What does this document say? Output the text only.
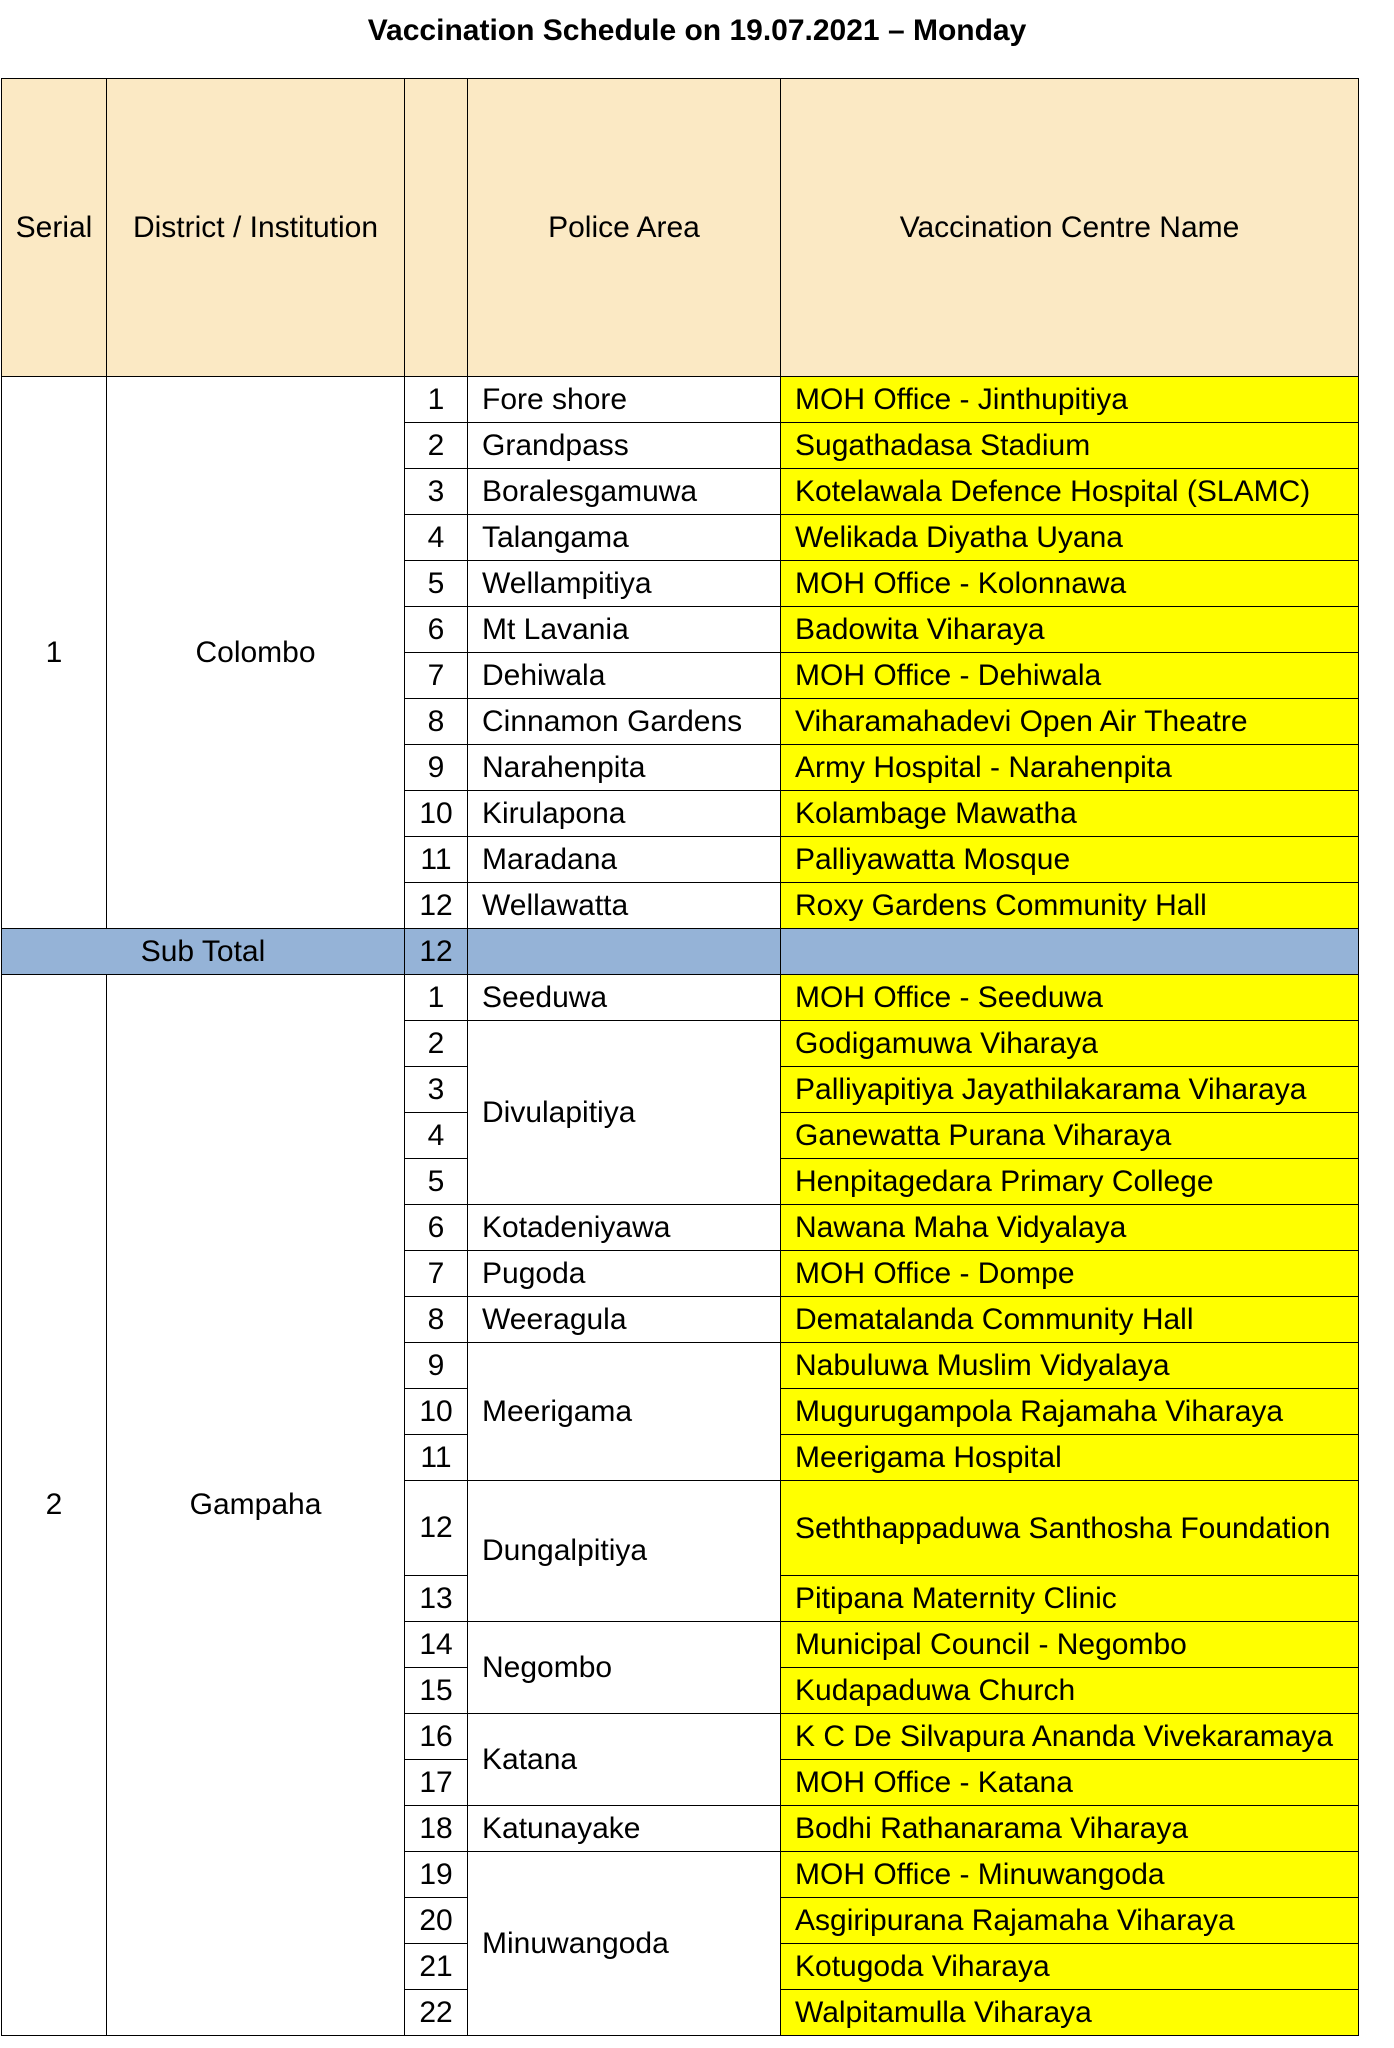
Vaccination Schedule on 19.07.2021 – Monday
Serial	District / Institution		Police Area	Vaccination Centre Name
1	Colombo	1	Fore shore	MOH Office - Jinthupitiya
		2	Grandpass	Sugathadasa Stadium
		3	Boralesgamuwa	Kotelawala Defence Hospital (SLAMC)
		4	Talangama	Welikada Diyatha Uyana
		5	Wellampitiya	MOH Office - Kolonnawa
		6	Mt Lavania	Badowita Viharaya
		7	Dehiwala	MOH Office - Dehiwala
		8	Cinnamon Gardens	Viharamahadevi Open Air Theatre
		9	Narahenpita	Army Hospital - Narahenpita
		10	Kirulapona	Kolambage Mawatha
		11	Maradana	Palliyawatta Mosque
		12	Wellawatta	Roxy Gardens Community Hall
Sub Total		12		
2	Gampaha	1	Seeduwa	MOH Office - Seeduwa
		2	Divulapitiya	Godigamuwa Viharaya
		3		Palliyapitiya Jayathilakarama Viharaya
		4		Ganewatta Purana Viharaya
		5		Henpitagedara Primary College
		6	Kotadeniyawa	Nawana Maha Vidyalaya
		7	Pugoda	MOH Office - Dompe
		8	Weeragula	Dematalanda Community Hall
		9	Meerigama	Nabuluwa Muslim Vidyalaya
		10		Mugurugampola Rajamaha Viharaya
		11		Meerigama Hospital
		12	Dungalpitiya	Seththappaduwa Santhosha Foundation
		13		Pitipana Maternity Clinic
		14	Negombo	Municipal Council - Negombo
		15		Kudapaduwa Church
		16	Katana	K C De Silvapura Ananda Vivekaramaya
		17		MOH Office - Katana
		18	Katunayake	Bodhi Rathanarama Viharaya
		19	Minuwangoda	MOH Office - Minuwangoda
		20		Asgiripurana Rajamaha Viharaya
		21		Kotugoda Viharaya
		22		Walpitamulla Viharaya
